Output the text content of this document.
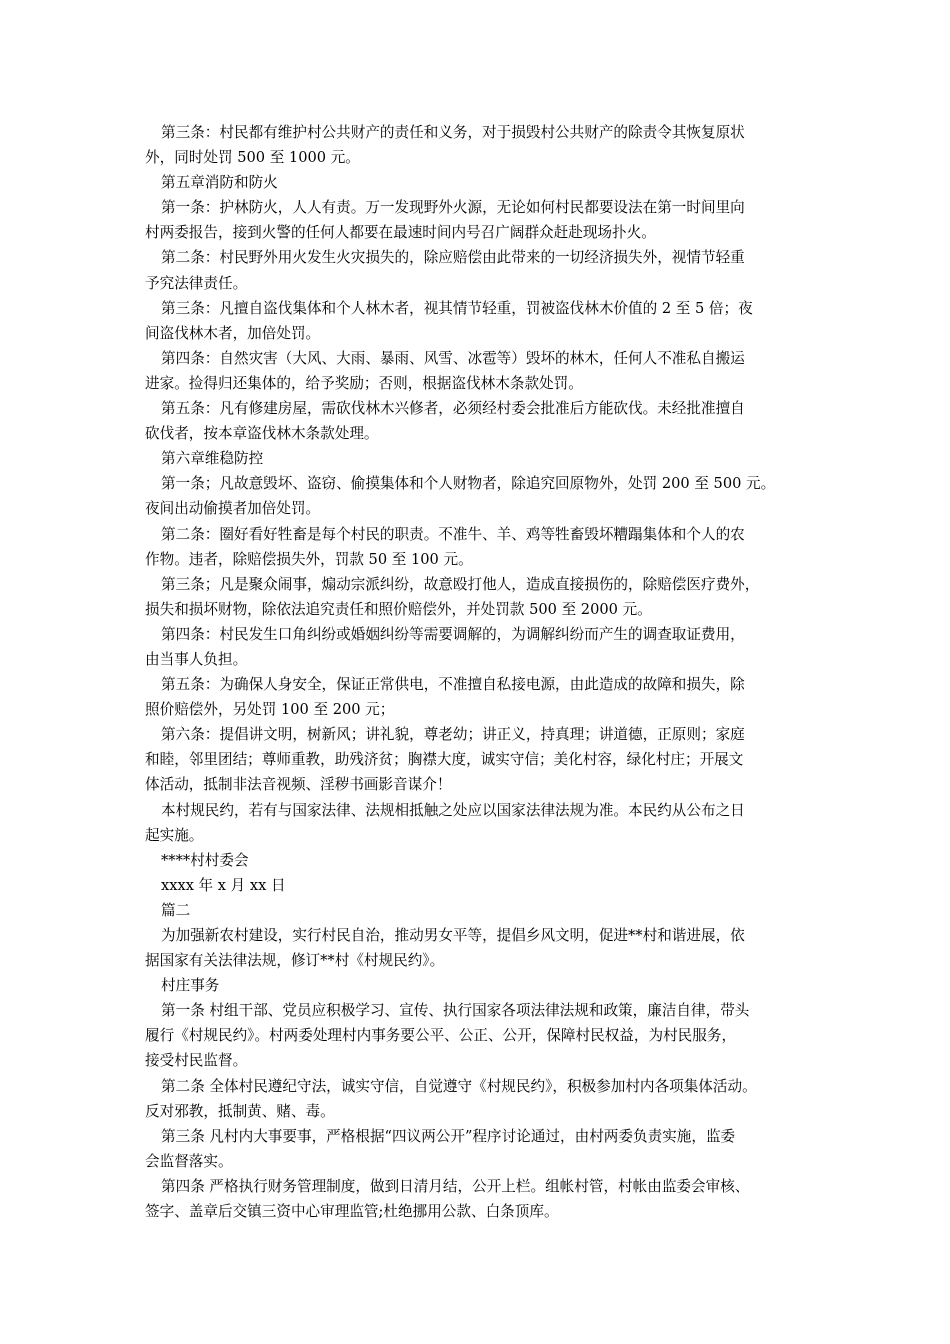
第三条：村民都有维护村公共财产的责任和义务，对于损毁村公共财产的除责令其恢复原状
外，同时处罚 500 至 1000 元。
第五章消防和防火
第一条：护林防火，人人有责。万一发现野外火源，无论如何村民都要设法在第一时间里向
村两委报告，接到火警的任何人都要在最速时间内号召广阔群众赶赴现场扑火。
第二条：村民野外用火发生火灾损失的，除应赔偿由此带来的一切经济损失外，视情节轻重
予究法律责任。
第三条：凡擅自盗伐集体和个人林木者，视其情节轻重，罚被盗伐林木价值的 2 至 5 倍；夜
间盗伐林木者，加倍处罚。
第四条：自然灾害（大风、大雨、暴雨、风雪、冰雹等）毁坏的林木，任何人不准私自搬运
进家。捡得归还集体的，给予奖励；否则，根据盗伐林木条款处罚。
第五条：凡有修建房屋，需砍伐林木兴修者，必须经村委会批准后方能砍伐。未经批准擅自
砍伐者，按本章盗伐林木条款处理。
第六章维稳防控
第一条；凡故意毁坏、盗窃、偷摸集体和个人财物者，除追究回原物外，处罚 200 至 500 元。
夜间出动偷摸者加倍处罚。
第二条：圈好看好牲畜是每个村民的职责。不准牛、羊、鸡等牲畜毁坏糟蹋集体和个人的农
作物。违者，除赔偿损失外，罚款 50 至 100 元。
第三条；凡是聚众闹事，煽动宗派纠纷，故意殴打他人，造成直接损伤的，除赔偿医疗费外，
损失和损坏财物，除依法追究责任和照价赔偿外，并处罚款 500 至 2000 元。
第四条：村民发生口角纠纷或婚姻纠纷等需要调解的，为调解纠纷而产生的调查取证费用，
由当事人负担。
第五条：为确保人身安全，保证正常供电，不准擅自私接电源，由此造成的故障和损失，除
照价赔偿外，另处罚 100 至 200 元；
第六条：提倡讲文明，树新风；讲礼貌，尊老幼；讲正义，持真理；讲道德，正原则；家庭
和睦，邻里团结；尊师重教，助残济贫；胸襟大度，诚实守信；美化村容，绿化村庄；开展文
体活动，抵制非法音视频、淫秽书画影音谋介！
本村规民约，若有与国家法律、法规相抵触之处应以国家法律法规为准。本民约从公布之日
起实施。
****村村委会
xxxx 年 x 月 xx 日
篇二
为加强新农村建设，实行村民自治，推动男女平等，提倡乡风文明，促进**村和谐进展，依
据国家有关法律法规，修订**村《村规民约》。
村庄事务
第一条 村组干部、党员应积极学习、宣传、执行国家各项法律法规和政策，廉洁自律，带头
履行《村规民约》。村两委处理村内事务要公平、公正、公开，保障村民权益，为村民服务，
接受村民监督。
第二条 全体村民遵纪守法，诚实守信，自觉遵守《村规民约》，积极参加村内各项集体活动。
反对邪教，抵制黄、赌、毒。
第三条 凡村内大事要事，严格根据“四议两公开”程序讨论通过，由村两委负责实施，监委
会监督落实。
第四条 严格执行财务管理制度，做到日清月结，公开上栏。组帐村管，村帐由监委会审核、
签字、盖章后交镇三资中心审理监管;杜绝挪用公款、白条顶库。
